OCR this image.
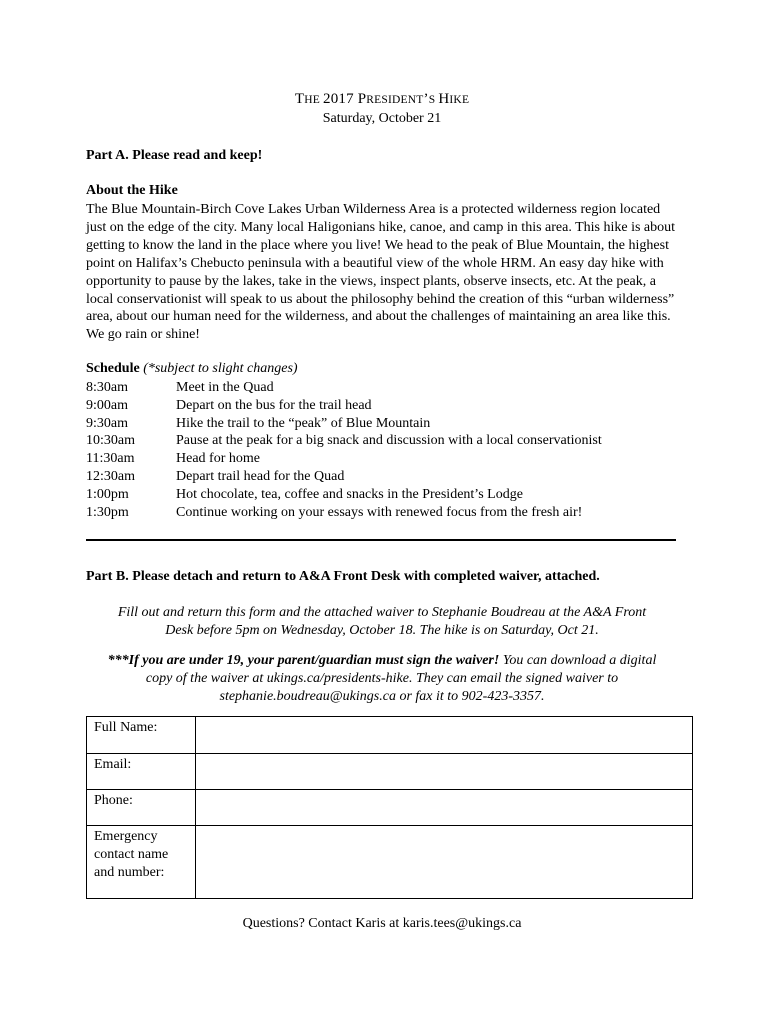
THE 2017 PRESIDENT’S HIKE
Saturday, October 21
Part A. Please read and keep!
About the Hike
The Blue Mountain-Birch Cove Lakes Urban Wilderness Area is a protected wilderness region located just on the edge of the city. Many local Haligonians hike, canoe, and camp in this area. This hike is about getting to know the land in the place where you live! We head to the peak of Blue Mountain, the highest point on Halifax’s Chebucto peninsula with a beautiful view of the whole HRM. An easy day hike with opportunity to pause by the lakes, take in the views, inspect plants, observe insects, etc. At the peak, a local conservationist will speak to us about the philosophy behind the creation of this “urban wilderness” area, about our human need for the wilderness, and about the challenges of maintaining an area like this. We go rain or shine!
Schedule (*subject to slight changes)
8:30am	Meet in the Quad
9:00am	Depart on the bus for the trail head
9:30am	Hike the trail to the “peak” of Blue Mountain
10:30am	Pause at the peak for a big snack and discussion with a local conservationist
11:30am	Head for home
12:30am	Depart trail head for the Quad
1:00pm	Hot chocolate, tea, coffee and snacks in the President’s Lodge
1:30pm	Continue working on your essays with renewed focus from the fresh air!
Part B. Please detach and return to A&A Front Desk with completed waiver, attached.
Fill out and return this form and the attached waiver to Stephanie Boudreau at the A&A Front
Desk before 5pm on Wednesday, October 18. The hike is on Saturday, Oct 21.
***If you are under 19, your parent/guardian must sign the waiver! You can download a digital
copy of the waiver at ukings.ca/presidents-hike. They can email the signed waiver to
stephanie.boudreau@ukings.ca or fax it to 902-423-3357.
Full Name:	
Email:	
Phone:	

Emergency
contact name
and number:	

Questions? Contact Karis at karis.tees@ukings.ca
